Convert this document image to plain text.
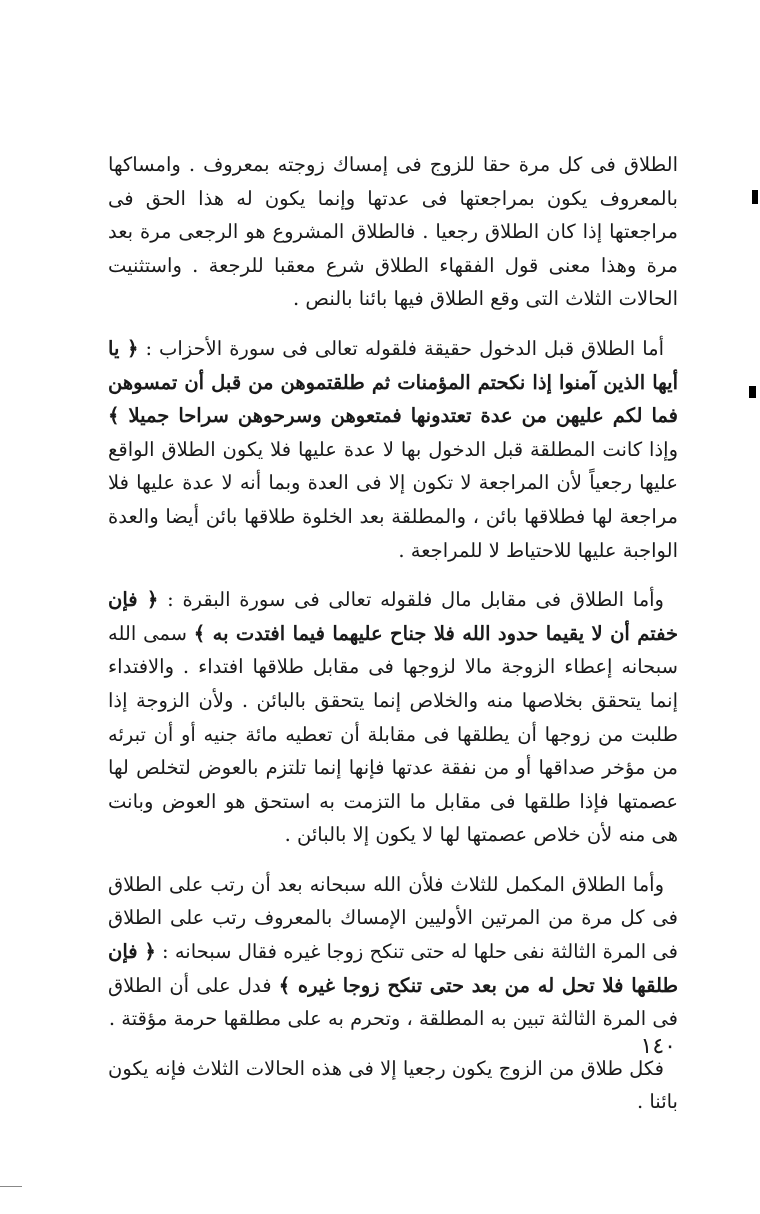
الطلاق فى كل مرة حقا للزوج فى إمساك زوجته بمعروف . وامساكها بالمعروف يكون بمراجعتها فى عدتها وإنما يكون له هذا الحق فى مراجعتها إذا كان الطلاق رجعيا . فالطلاق المشروع هو الرجعى مرة بعد مرة وهذا معنى قول الفقهاء الطلاق شرع معقبا للرجعة . واستثنيت الحالات الثلاث التى وقع الطلاق فيها بائنا بالنص .

أما الطلاق قبل الدخول حقيقة فلقوله تعالى فى سورة الأحزاب : ﴿ يا أيها الذين آمنوا إذا نكحتم المؤمنات ثم طلقتموهن من قبل أن تمسوهن فما لكم عليهن من عدة تعتدونها فمتعوهن وسرحوهن سراحا جميلا ﴾ وإذا كانت المطلقة قبل الدخول بها لا عدة عليها فلا يكون الطلاق الواقع عليها رجعياً لأن المراجعة لا تكون إلا فى العدة وبما أنه لا عدة عليها فلا مراجعة لها فطلاقها بائن ، والمطلقة بعد الخلوة طلاقها بائن أيضا والعدة الواجبة عليها للاحتياط لا للمراجعة .

وأما الطلاق فى مقابل مال فلقوله تعالى فى سورة البقرة : ﴿ فإن خفتم أن لا يقيما حدود الله فلا جناح عليهما فيما افتدت به ﴾ سمى الله سبحانه إعطاء الزوجة مالا لزوجها فى مقابل طلاقها افتداء . والافتداء إنما يتحقق بخلاصها منه والخلاص إنما يتحقق بالبائن . ولأن الزوجة إذا طلبت من زوجها أن يطلقها فى مقابلة أن تعطيه مائة جنيه أو أن تبرئه من مؤخر صداقها أو من نفقة عدتها فإنها إنما تلتزم بالعوض لتخلص لها عصمتها فإذا طلقها فى مقابل ما التزمت به استحق هو العوض وبانت هى منه لأن خلاص عصمتها لها لا يكون إلا بالبائن .

وأما الطلاق المكمل للثلاث فلأن الله سبحانه بعد أن رتب على الطلاق فى كل مرة من المرتين الأوليين الإمساك بالمعروف رتب على الطلاق فى المرة الثالثة نفى حلها له حتى تنكح زوجا غيره فقال سبحانه : ﴿ فإن طلقها فلا تحل له من بعد حتى تنكح زوجا غيره ﴾ فدل على أن الطلاق فى المرة الثالثة تبين به المطلقة ، وتحرم به على مطلقها حرمة مؤقتة .

فكل طلاق من الزوج يكون رجعيا إلا فى هذه الحالات الثلاث فإنه يكون بائنا .

١٤٠
